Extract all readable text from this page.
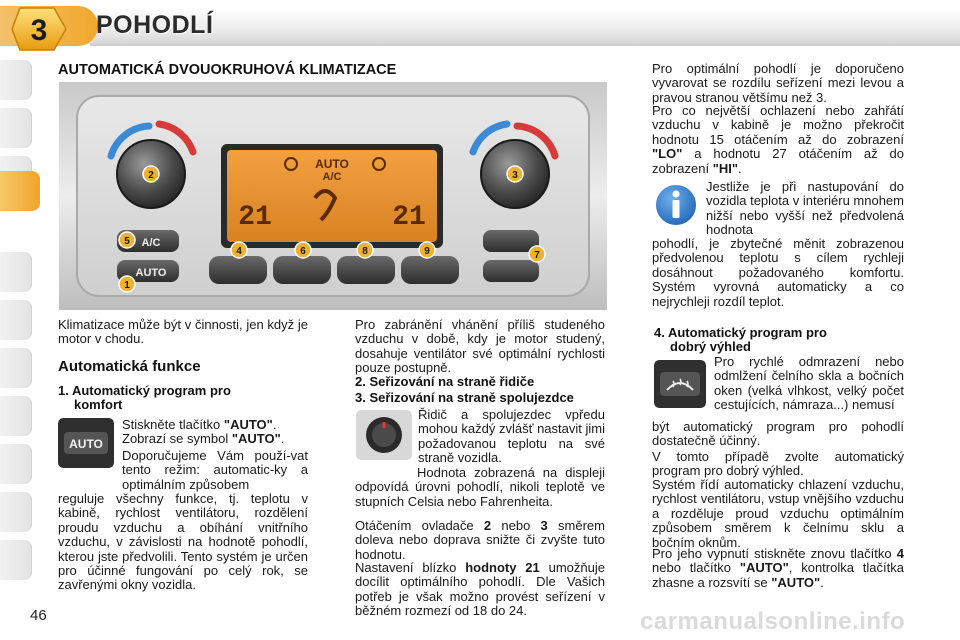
3 POHODLÍ
AUTOMATICKÁ DVOUOKRUHOVÁ KLIMATIZACE
AUTO
A/C
21	21
A/C
AUTO
1
2	3
4
5
6	7
8	9
Klimatizace může být v činnosti, jen když je motor v chodu.
Automatická funkce
1. Automatický program pro komfort
AUTO
Stiskněte tlačítko "AUTO".
Zobrazí se symbol "AUTO".
Doporučujeme Vám použí-vat tento režim: automatic-ky a optimálním způsobem
reguluje všechny funkce, tj. teplotu v kabině, rychlost ventilátoru, rozdělení proudu vzduchu a obíhání vnitřního vzduchu, v závislosti na hodnotě pohodlí, kterou jste předvolili. Tento systém je určen pro účinné fungování po celý rok, se zavřenými okny vozidla.
Pro zabránění vhánění příliš studeného vzduchu v době, kdy je motor studený, dosahuje ventilátor své optimální rychlosti pouze postupně.
2. Seřizování na straně řidiče
3. Seřizování na straně spolujezdce
Řidič a spolujezdec vpředu mohou každý zvlášť nastavit jimi požadovanou teplotu na své straně vozidla.
Hodnota zobrazená na displeji odpovídá úrovni pohodlí, nikoli teplotě ve stupních Celsia nebo Fahrenheita.
Otáčením ovladače 2 nebo 3 směrem doleva nebo doprava snižte či zvyšte tuto hodnotu.
Nastavení blízko hodnoty 21 umožňuje docílit optimálního pohodlí. Dle Vašich potřeb je však možno provést seřízení v běžném rozmezí od 18 do 24.
Pro optimální pohodlí je doporučeno vyvarovat se rozdílu seřízení mezi levou a pravou stranou většímu než 3.
Pro co největší ochlazení nebo zahřátí vzduchu v kabině je možno překročit hodnotu 15 otáčením až do zobrazení "LO" a hodnotu 27 otáčením až do zobrazení "HI".
Jestliže je při nastupování do vozidla teplota v interiéru mnohem nižší nebo vyšší než předvolená hodnota
pohodlí, je zbytečné měnit zobrazenou předvolenou teplotu s cílem rychleji dosáhnout požadovaného komfortu. Systém vyrovná automaticky a co nejrychleji rozdíl teplot.
4. Automatický program pro
dobrý výhled
Pro rychlé odmrazení nebo odmlžení čelního skla a bočních oken (velká vlhkost, velký počet cestujících, námraza...) nemusí
být automatický program pro pohodlí dostatečně účinný.
V tomto případě zvolte automatický program pro dobrý výhled.
Systém řídí automaticky chlazení vzduchu, rychlost ventilátoru, vstup vnějšího vzduchu a rozděluje proud vzduchu optimálním způsobem směrem k čelnímu sklu a bočním oknům.
Pro jeho vypnutí stiskněte znovu tlačítko 4 nebo tlačítko "AUTO", kontrolka tlačítka zhasne a rozsvítí se "AUTO".
46	carmanualsonline.info
